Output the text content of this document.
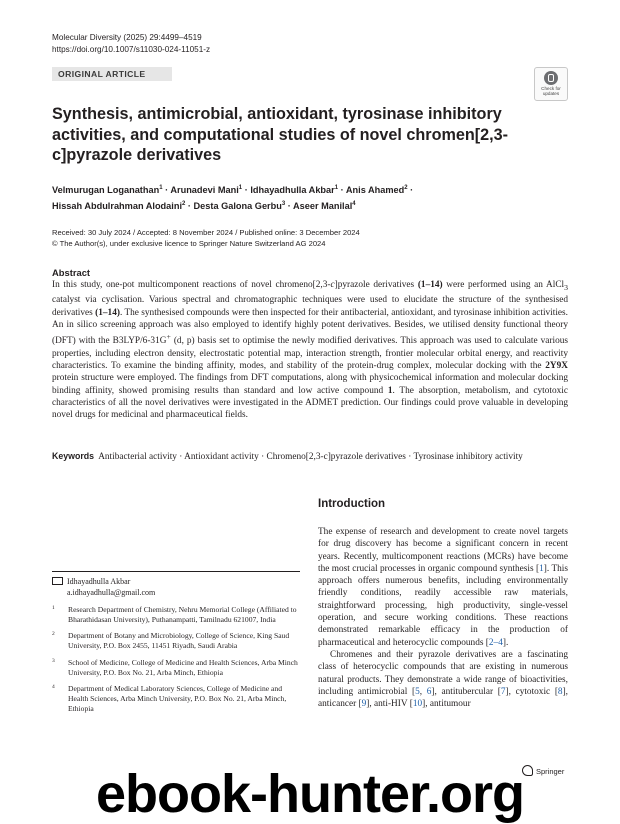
Molecular Diversity (2025) 29:4499–4519
https://doi.org/10.1007/s11030-024-11051-z
ORIGINAL ARTICLE
Check for
updates
Synthesis, antimicrobial, antioxidant, tyrosinase inhibitory activities, and computational studies of novel chromen[2,3-c]pyrazole derivatives
Velmurugan Loganathan$^1$ · Arunadevi Mani$^1$ · Idhayadhulla Akbar$^1$ · Anis Ahamed$^2$ ·
Hissah Abdulrahman Alodaini$^2$ · Desta Galona Gerbu$^3$ · Aseer Manilal$^4$
Received: 30 July 2024 / Accepted: 8 November 2024 / Published online: 3 December 2024
© The Author(s), under exclusive licence to Springer Nature Switzerland AG 2024
Abstract

In this study, one-pot multicomponent reactions of novel chromeno[2,3-c]pyrazole derivatives (1–14) were performed using an AlCl$_3$ catalyst via cyclisation. Various spectral and chromatographic techniques were used to elucidate the structure of the synthesised derivatives (1–14). The synthesised compounds were then inspected for their antibacterial, antioxidant, and tyrosinase inhibition activities. An in silico screening approach was also employed to identify highly potent derivatives. Besides, we utilised density functional theory (DFT) with the B3LYP/6-31G+ (d, p) basis set to optimise the newly modified derivatives. This approach was used to calculate various properties, including electron density, electrostatic potential map, interaction strength, frontier molecular orbital energy, and reactivity characteristics. To examine the binding affinity, modes, and stability of the protein-drug complex, molecular docking with the 2Y9X protein structure were employed. The findings from DFT computations, along with physicochemical information and molecular docking binding affinity, showed promising results than standard and low active compound 1. The absorption, metabolism, and cytotoxic characteristics of all the novel derivatives were investigated in the ADMET prediction. Our findings could prove valuable in developing novel drugs for medicinal and pharmaceutical fields.

Keywords Antibacterial activity · Antioxidant activity · Chromeno[2,3-c]pyrazole derivatives · Tyrosinase inhibitory activity
Introduction

The expense of research and development to create novel targets for drug discovery has become a significant concern in recent years. Recently, multicomponent reactions (MCRs) have become the most crucial processes in organic compound synthesis [1]. This approach offers numerous benefits, including environmentally friendly conditions, readily accessible raw materials, straightforward processing, high productivity, single-vessel operation, and secure working conditions. These reactions demonstrated remarkable efficacy in the production of pharmaceutical and heterocyclic compounds [2–4].

Chromenes and their pyrazole derivatives are a fascinating class of heterocyclic compounds that are existing in numerous natural products. They demonstrate a wide range of bioactivities, including antimicrobial [5, 6], antitubercular [7], cytotoxic [8], anticancer [9], anti-HIV [10], antitumour

Idhayadhulla Akbar
a.idhayadhulla@gmail.com
1 Research Department of Chemistry, Nehru Memorial College (Affiliated to Bharathidasan University), Puthanampatti, Tamilnadu 621007, India
2 Department of Botany and Microbiology, College of Science, King Saud University, P.O. Box 2455, 11451 Riyadh, Saudi Arabia
3 School of Medicine, College of Medicine and Health Sciences, Arba Minch University, P.O. Box No. 21, Arba Minch, Ethiopia
4 Department of Medical Laboratory Sciences, College of Medicine and Health Sciences, Arba Minch University, P.O. Box No. 21, Arba Minch, Ethiopia
Springer
ebook-hunter.org
